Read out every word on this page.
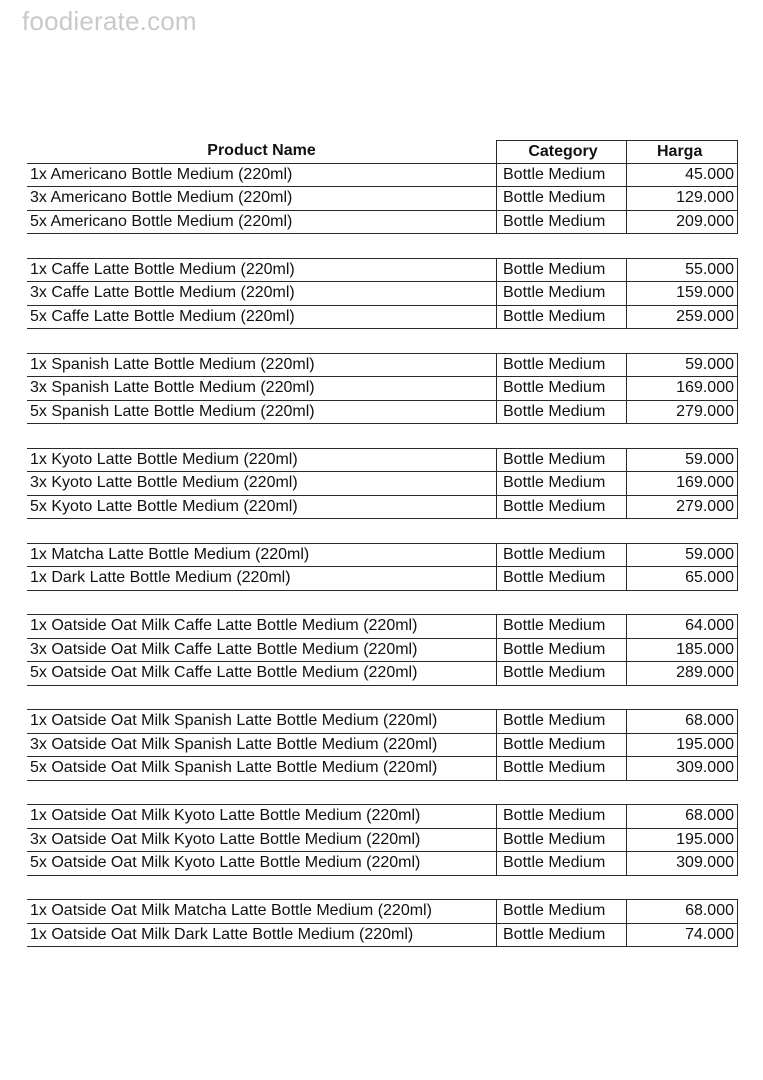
foodierate.com
Product Name	Category	Harga
1x Americano Bottle Medium (220ml)	Bottle Medium	45.000
3x Americano Bottle Medium (220ml)	Bottle Medium	129.000
5x Americano Bottle Medium (220ml)	Bottle Medium	209.000
1x Caffe Latte Bottle Medium (220ml)	Bottle Medium	55.000
3x Caffe Latte Bottle Medium (220ml)	Bottle Medium	159.000
5x Caffe Latte Bottle Medium (220ml)	Bottle Medium	259.000
1x Spanish Latte Bottle Medium (220ml)	Bottle Medium	59.000
3x Spanish Latte Bottle Medium (220ml)	Bottle Medium	169.000
5x Spanish Latte Bottle Medium (220ml)	Bottle Medium	279.000
1x Kyoto Latte Bottle Medium (220ml)	Bottle Medium	59.000
3x Kyoto Latte Bottle Medium (220ml)	Bottle Medium	169.000
5x Kyoto Latte Bottle Medium (220ml)	Bottle Medium	279.000
1x Matcha Latte Bottle Medium (220ml)	Bottle Medium	59.000
1x Dark Latte Bottle Medium (220ml)	Bottle Medium	65.000
1x Oatside Oat Milk Caffe Latte Bottle Medium (220ml)	Bottle Medium	64.000
3x Oatside Oat Milk Caffe Latte Bottle Medium (220ml)	Bottle Medium	185.000
5x Oatside Oat Milk Caffe Latte Bottle Medium (220ml)	Bottle Medium	289.000
1x Oatside Oat Milk Spanish Latte Bottle Medium (220ml)	Bottle Medium	68.000
3x Oatside Oat Milk Spanish Latte Bottle Medium (220ml)	Bottle Medium	195.000
5x Oatside Oat Milk Spanish Latte Bottle Medium (220ml)	Bottle Medium	309.000
1x Oatside Oat Milk Kyoto Latte Bottle Medium (220ml)	Bottle Medium	68.000
3x Oatside Oat Milk Kyoto Latte Bottle Medium (220ml)	Bottle Medium	195.000
5x Oatside Oat Milk Kyoto Latte Bottle Medium (220ml)	Bottle Medium	309.000
1x Oatside Oat Milk Matcha Latte Bottle Medium (220ml)	Bottle Medium	68.000
1x Oatside Oat Milk Dark Latte Bottle Medium (220ml)	Bottle Medium	74.000
